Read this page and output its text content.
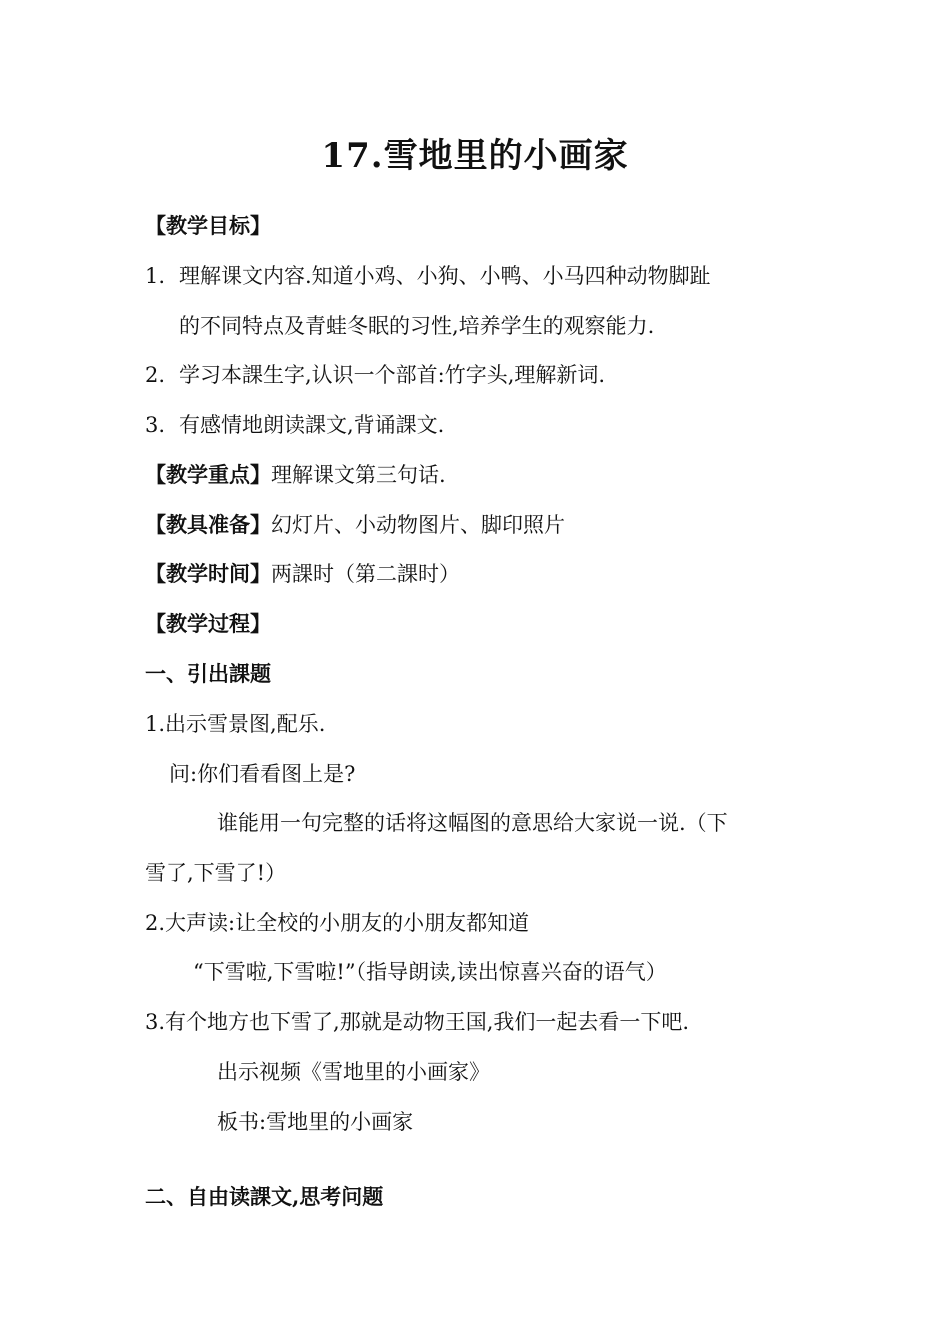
17.雪地里的小画家
【教学目标】
1. 理解课文内容.知道小鸡、小狗、小鸭、小马四种动物脚趾
的不同特点及青蛙冬眠的习性,培养学生的观察能力.
2. 学习本課生字,认识一个部首:竹字头,理解新词.
3. 有感情地朗读課文,背诵課文.
【教学重点】理解课文第三句话.
【教具准备】幻灯片、小动物图片、脚印照片
【教学时间】两課时（第二課时）
【教学过程】
一、引出課题
1.出示雪景图,配乐.
问:你们看看图上是?
谁能用一句完整的话将这幅图的意思给大家说一说.（下
雪了,下雪了!）
2.大声读:让全校的小朋友的小朋友都知道
“下雪啦,下雪啦!”（指导朗读,读出惊喜兴奋的语气）
3.有个地方也下雪了,那就是动物王国,我们一起去看一下吧.
出示视频《雪地里的小画家》
板书:雪地里的小画家
二、自由读課文,思考问题
